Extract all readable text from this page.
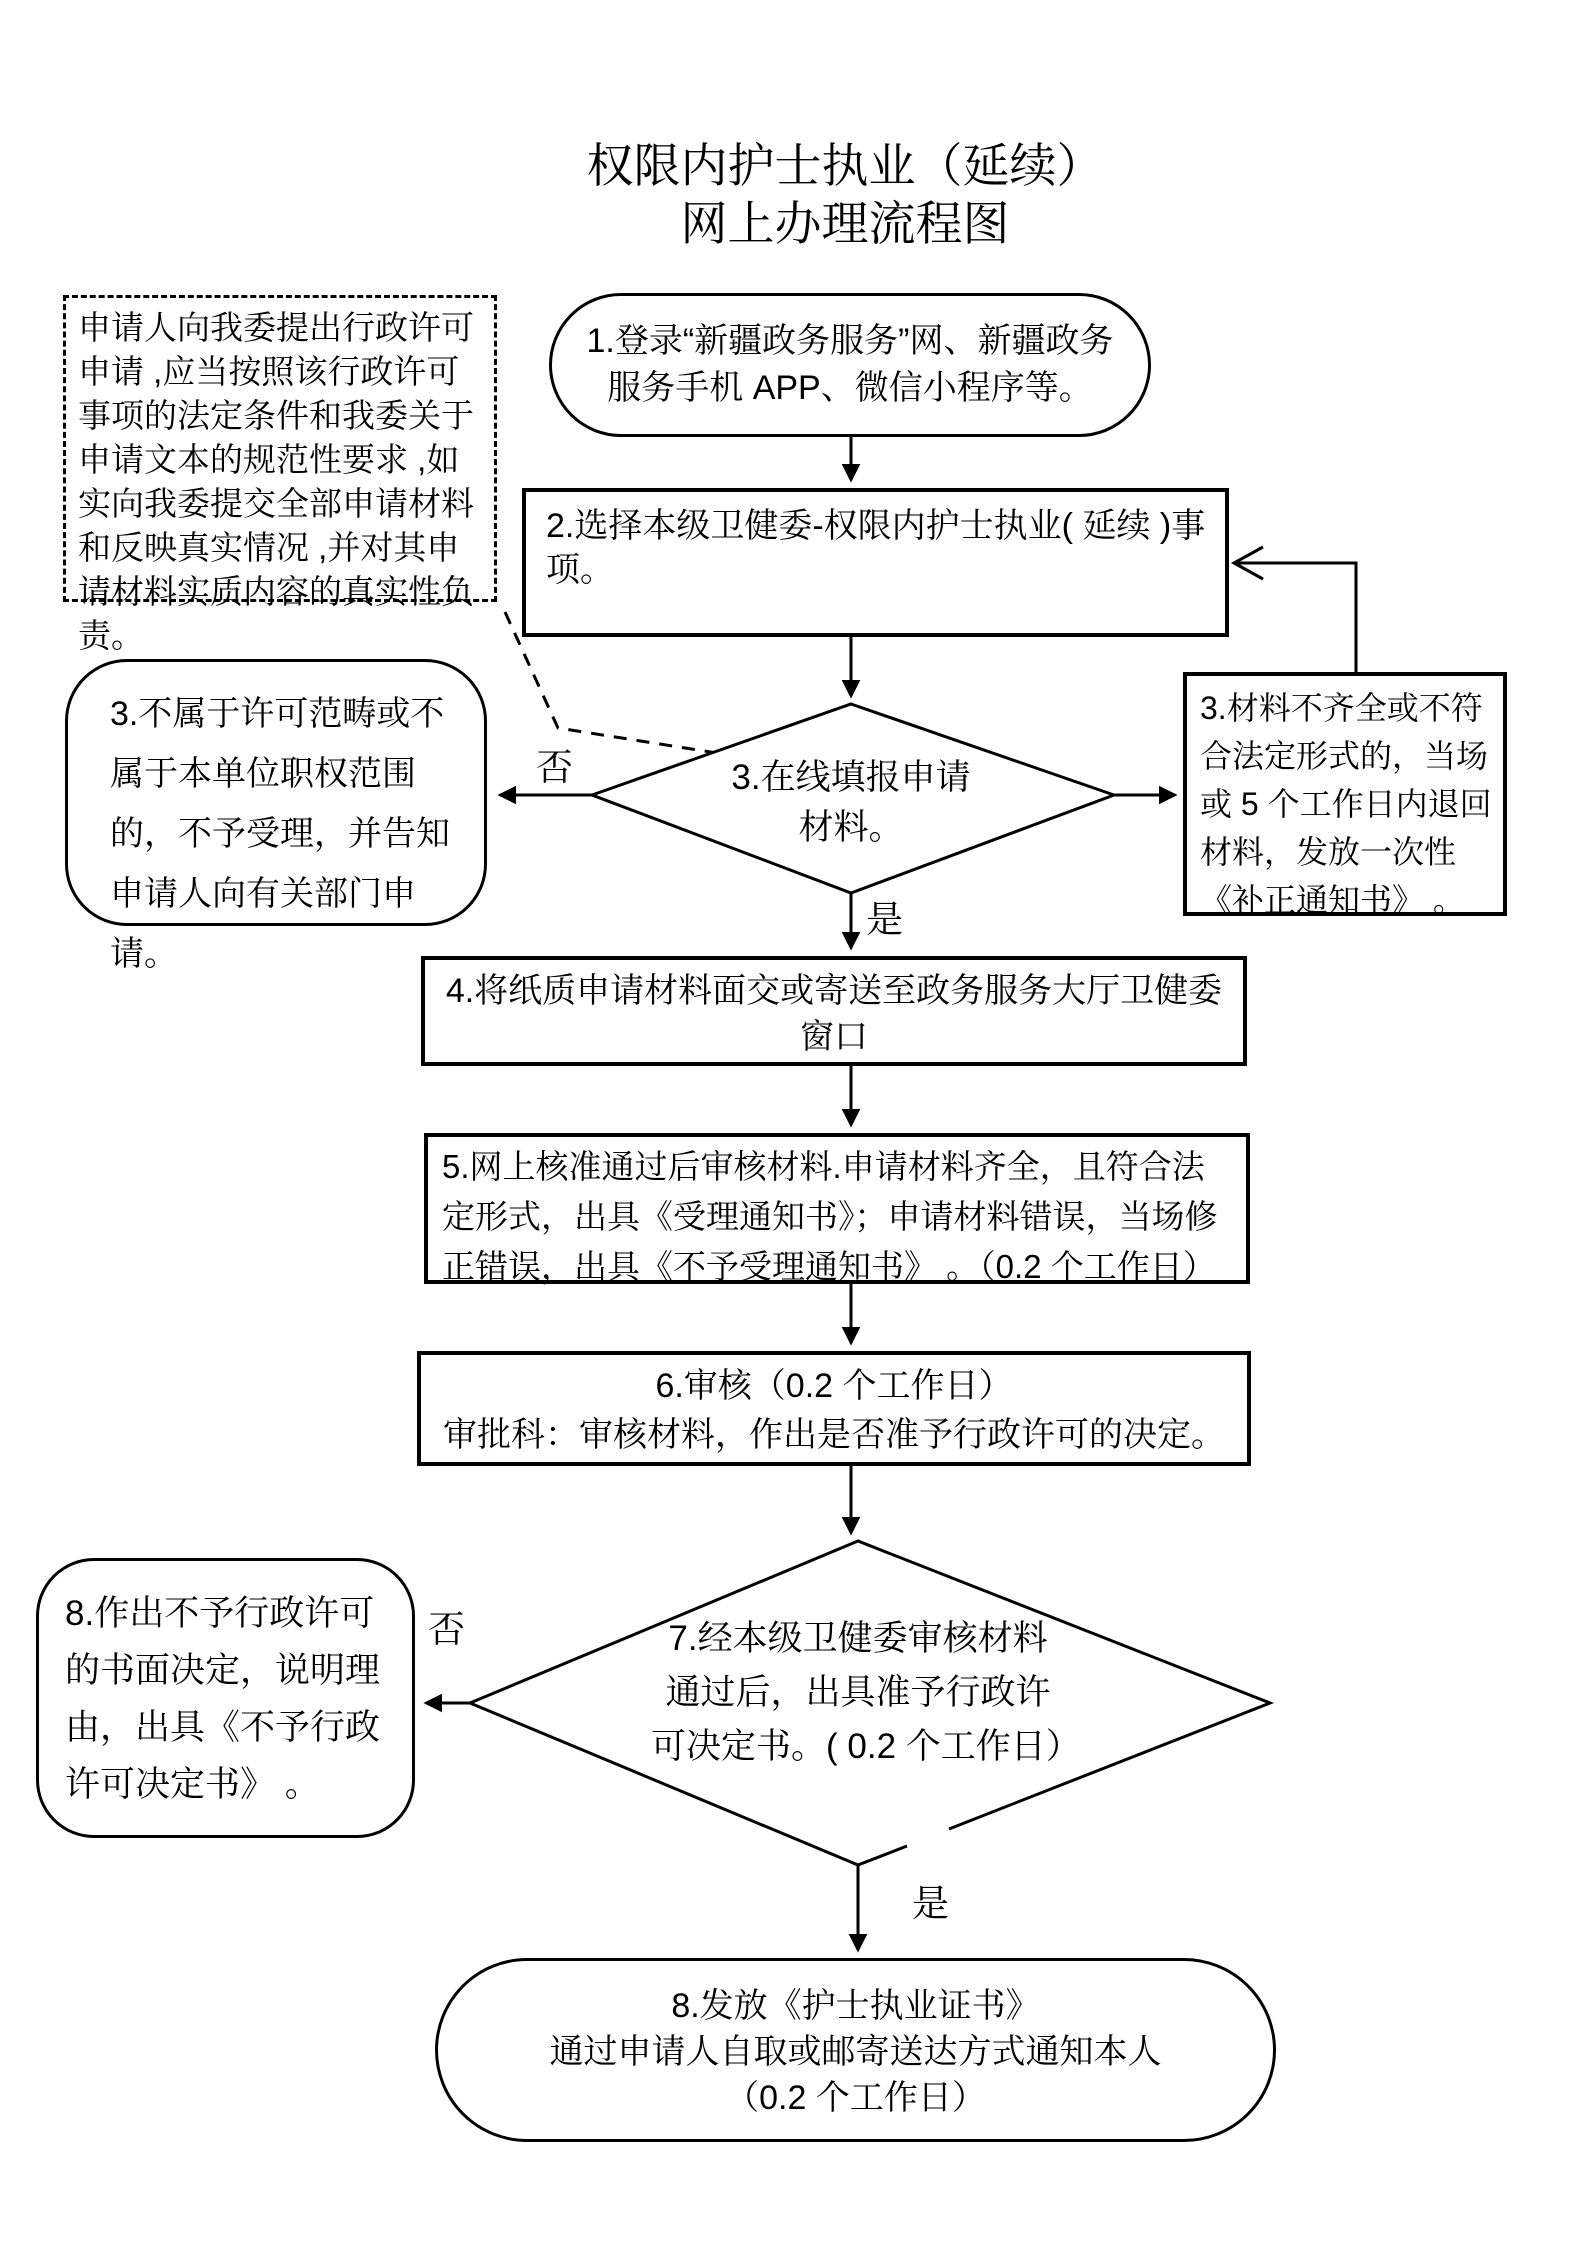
权限内护士执业（延续）
网上办理流程图
申请人向我委提出行政许可申请 ,应当按照该行政许可事项的法定条件和我委关于申请文本的规范性要求 ,如实向我委提交全部申请材料和反映真实情况 ,并对其申请材料实质内容的真实性负责。
1.登录“新疆政务服务”网、新疆政务服务手机 APP、微信小程序等。
2.选择本级卫健委-权限内护士执业( 延续 )事项。
3.在线填报申请材料。
3.不属于许可范畴或不属于本单位职权范围的，不予受理，并告知申请人向有关部门申请。
3.材料不齐全或不符合法定形式的，当场或 5 个工作日内退回材料，发放一次性《补正通知书》 。
4.将纸质申请材料面交或寄送至政务服务大厅卫健委窗口
5.网上核准通过后审核材料.申请材料齐全，且符合法定形式，出具《受理通知书》；申请材料错误，当场修正错误，出具《不予受理通知书》 。（0.2 个工作日）
6.审核（0.2 个工作日）
审批科：审核材料，作出是否准予行政许可的决定。
7.经本级卫健委审核材料通过后，出具准予行政许可决定书。( 0.2 个工作日）
8.作出不予行政许可的书面决定，说明理由，出具《不予行政许可决定书》 。
8.发放《护士执业证书》
通过申请人自取或邮寄送达方式通知本人
（0.2 个工作日）
否
是
否
是
